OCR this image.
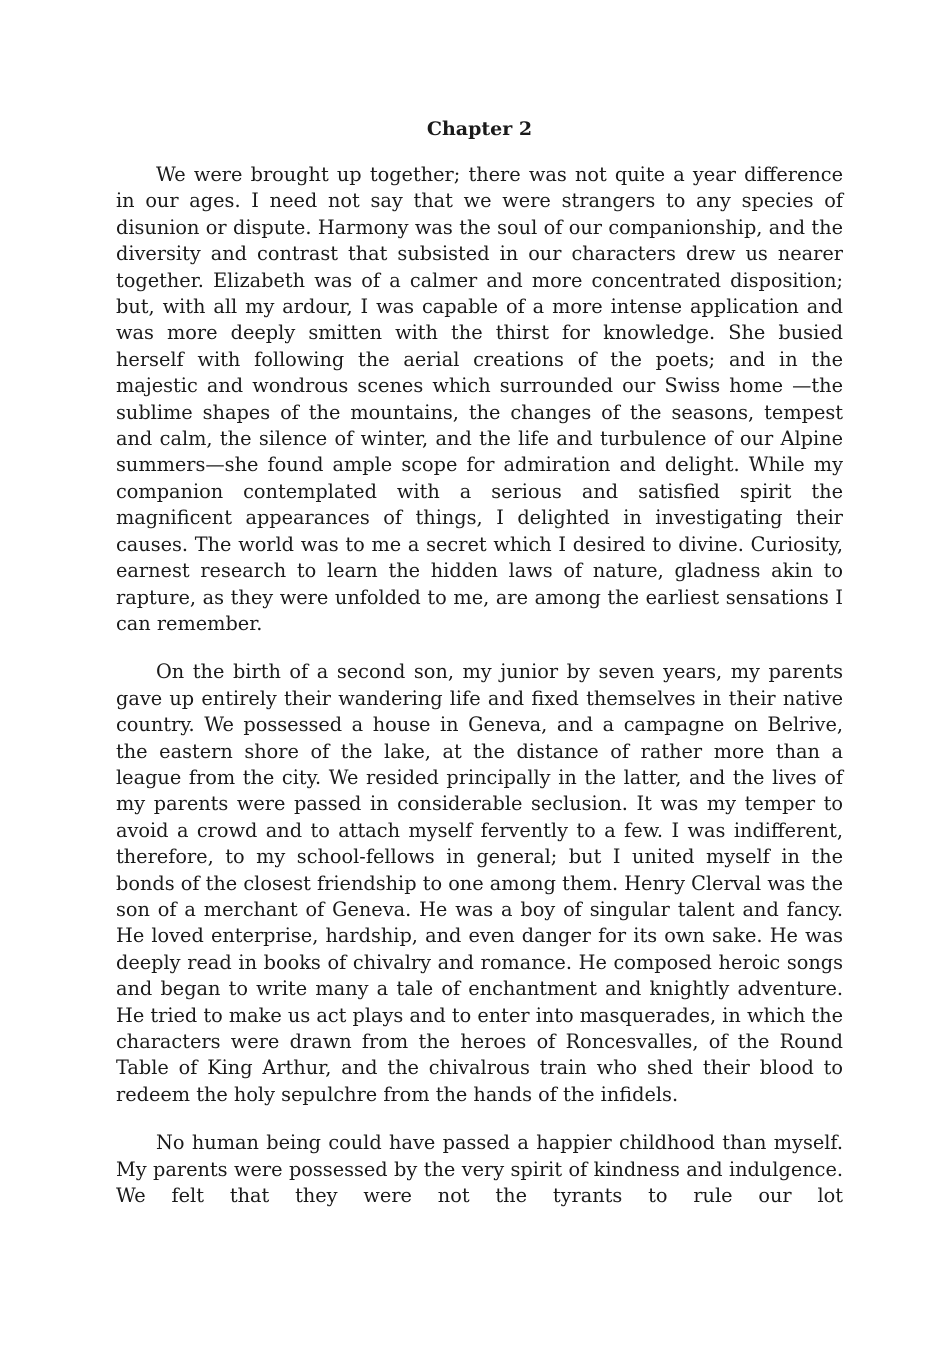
Chapter 2

We were brought up together; there was not quite a year difference in our ages. I need not say that we were strangers to any species of disunion or dispute. Harmony was the soul of our companionship, and the diversity and contrast that subsisted in our characters drew us nearer together. Elizabeth was of a calmer and more concentrated disposition; but, with all my ardour, I was capable of a more intense application and was more deeply smitten with the thirst for knowledge. She busied herself with following the aerial creations of the poets; and in the majestic and wondrous scenes which surrounded our Swiss home —the sublime shapes of the mountains, the changes of the seasons, tempest and calm, the silence of winter, and the life and turbulence of our Alpine summers—she found ample scope for admiration and delight. While my companion contemplated with a serious and satisfied spirit the magnificent appearances of things, I delighted in investigating their causes. The world was to me a secret which I desired to divine. Curiosity, earnest research to learn the hidden laws of nature, gladness akin to rapture, as they were unfolded to me, are among the earliest sensations I can remember.

On the birth of a second son, my junior by seven years, my parents gave up entirely their wandering life and fixed themselves in their native country. We possessed a house in Geneva, and a campagne on Belrive, the eastern shore of the lake, at the distance of rather more than a league from the city. We resided principally in the latter, and the lives of my parents were passed in considerable seclusion. It was my temper to avoid a crowd and to attach myself fervently to a few. I was indifferent, therefore, to my school-fellows in general; but I united myself in the bonds of the closest friendship to one among them. Henry Clerval was the son of a merchant of Geneva. He was a boy of singular talent and fancy. He loved enterprise, hardship, and even danger for its own sake. He was deeply read in books of chivalry and romance. He composed heroic songs and began to write many a tale of enchantment and knightly adventure. He tried to make us act plays and to enter into masquerades, in which the characters were drawn from the heroes of Roncesvalles, of the Round Table of King Arthur, and the chivalrous train who shed their blood to redeem the holy sepulchre from the hands of the infidels.

No human being could have passed a happier childhood than myself. My parents were possessed by the very spirit of kindness and indulgence. We felt that they were not the tyrants to rule our lot
